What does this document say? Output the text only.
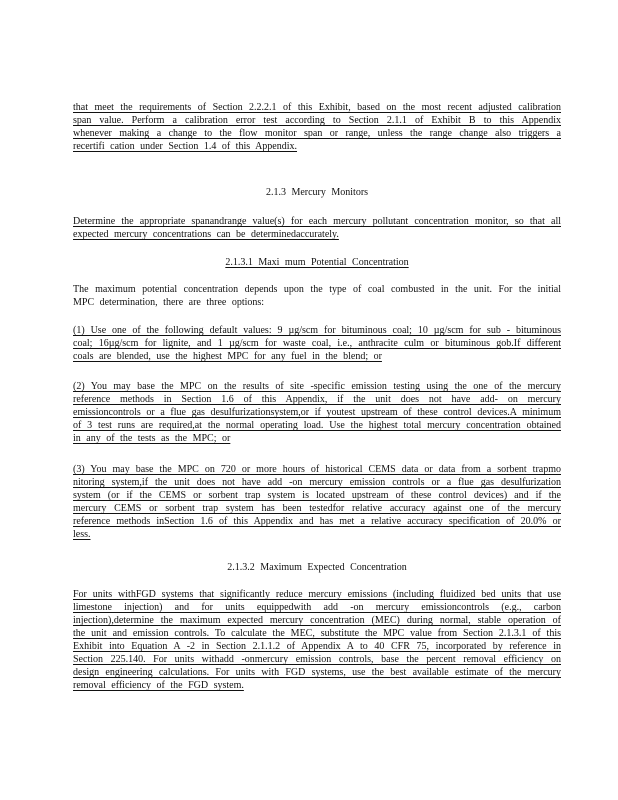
that meet the requirements of Section 2.2.2.1 of this Exhibit, based on the most recent adjusted calibration span value. Perform a calibration error test according to Section 2.1.1 of Exhibit B to this Appendix whenever making a change to the flow monitor span or range, unless the range change also triggers a recertifi cation under Section 1.4 of this Appendix.

2.1.3 Mercury Monitors

Determine the appropriate spanandrange value(s) for each mercury pollutant concentration monitor, so that all expected mercury concentrations can be determinedaccurately.

2.1.3.1 Maxi mum Potential Concentration

The maximum potential concentration depends upon the type of coal combusted in the unit. For the initial MPC determination, there are three options:

(1) Use one of the following default values: 9 µg/scm for bituminous coal; 10 µg/scm for sub - bituminous coal; 16µg/scm for lignite, and 1 µg/scm for waste coal, i.e., anthracite culm or bituminous gob.If different coals are blended, use the highest MPC for any fuel in the blend; or

(2) You may base the MPC on the results of site -specific emission testing using the one of the mercury reference methods in Section 1.6 of this Appendix, if the unit does not have add- on mercury emissioncontrols or a flue gas desulfurizationsystem,or if youtest upstream of these control devices.A minimum of 3 test runs are required,at the normal operating load. Use the highest total mercury concentration obtained in any of the tests as the MPC; or

(3) You may base the MPC on 720 or more hours of historical CEMS data or data from a sorbent trapmo nitoring system,if the unit does not have add -on mercury emission controls or a flue gas desulfurization system (or if the CEMS or sorbent trap system is located upstream of these control devices) and if the mercury CEMS or sorbent trap system has been testedfor relative accuracy against one of the mercury reference methods inSection 1.6 of this Appendix and has met a relative accuracy specification of 20.0% or less.

2.1.3.2 Maximum Expected Concentration

For units withFGD systems that significantly reduce mercury emissions (including fluidized bed units that use limestone injection) and for units equippedwith add -on mercury emissioncontrols (e.g., carbon injection),determine the maximum expected mercury concentration (MEC) during normal, stable operation of the unit and emission controls. To calculate the MEC, substitute the MPC value from Section 2.1.3.1 of this Exhibit into Equation A -2 in Section 2.1.1.2 of Appendix A to 40 CFR 75, incorporated by reference in Section 225.140. For units withadd -onmercury emission controls, base the percent removal efficiency on design engineering calculations. For units with FGD systems, use the best available estimate of the mercury removal efficiency of the FGD system.
